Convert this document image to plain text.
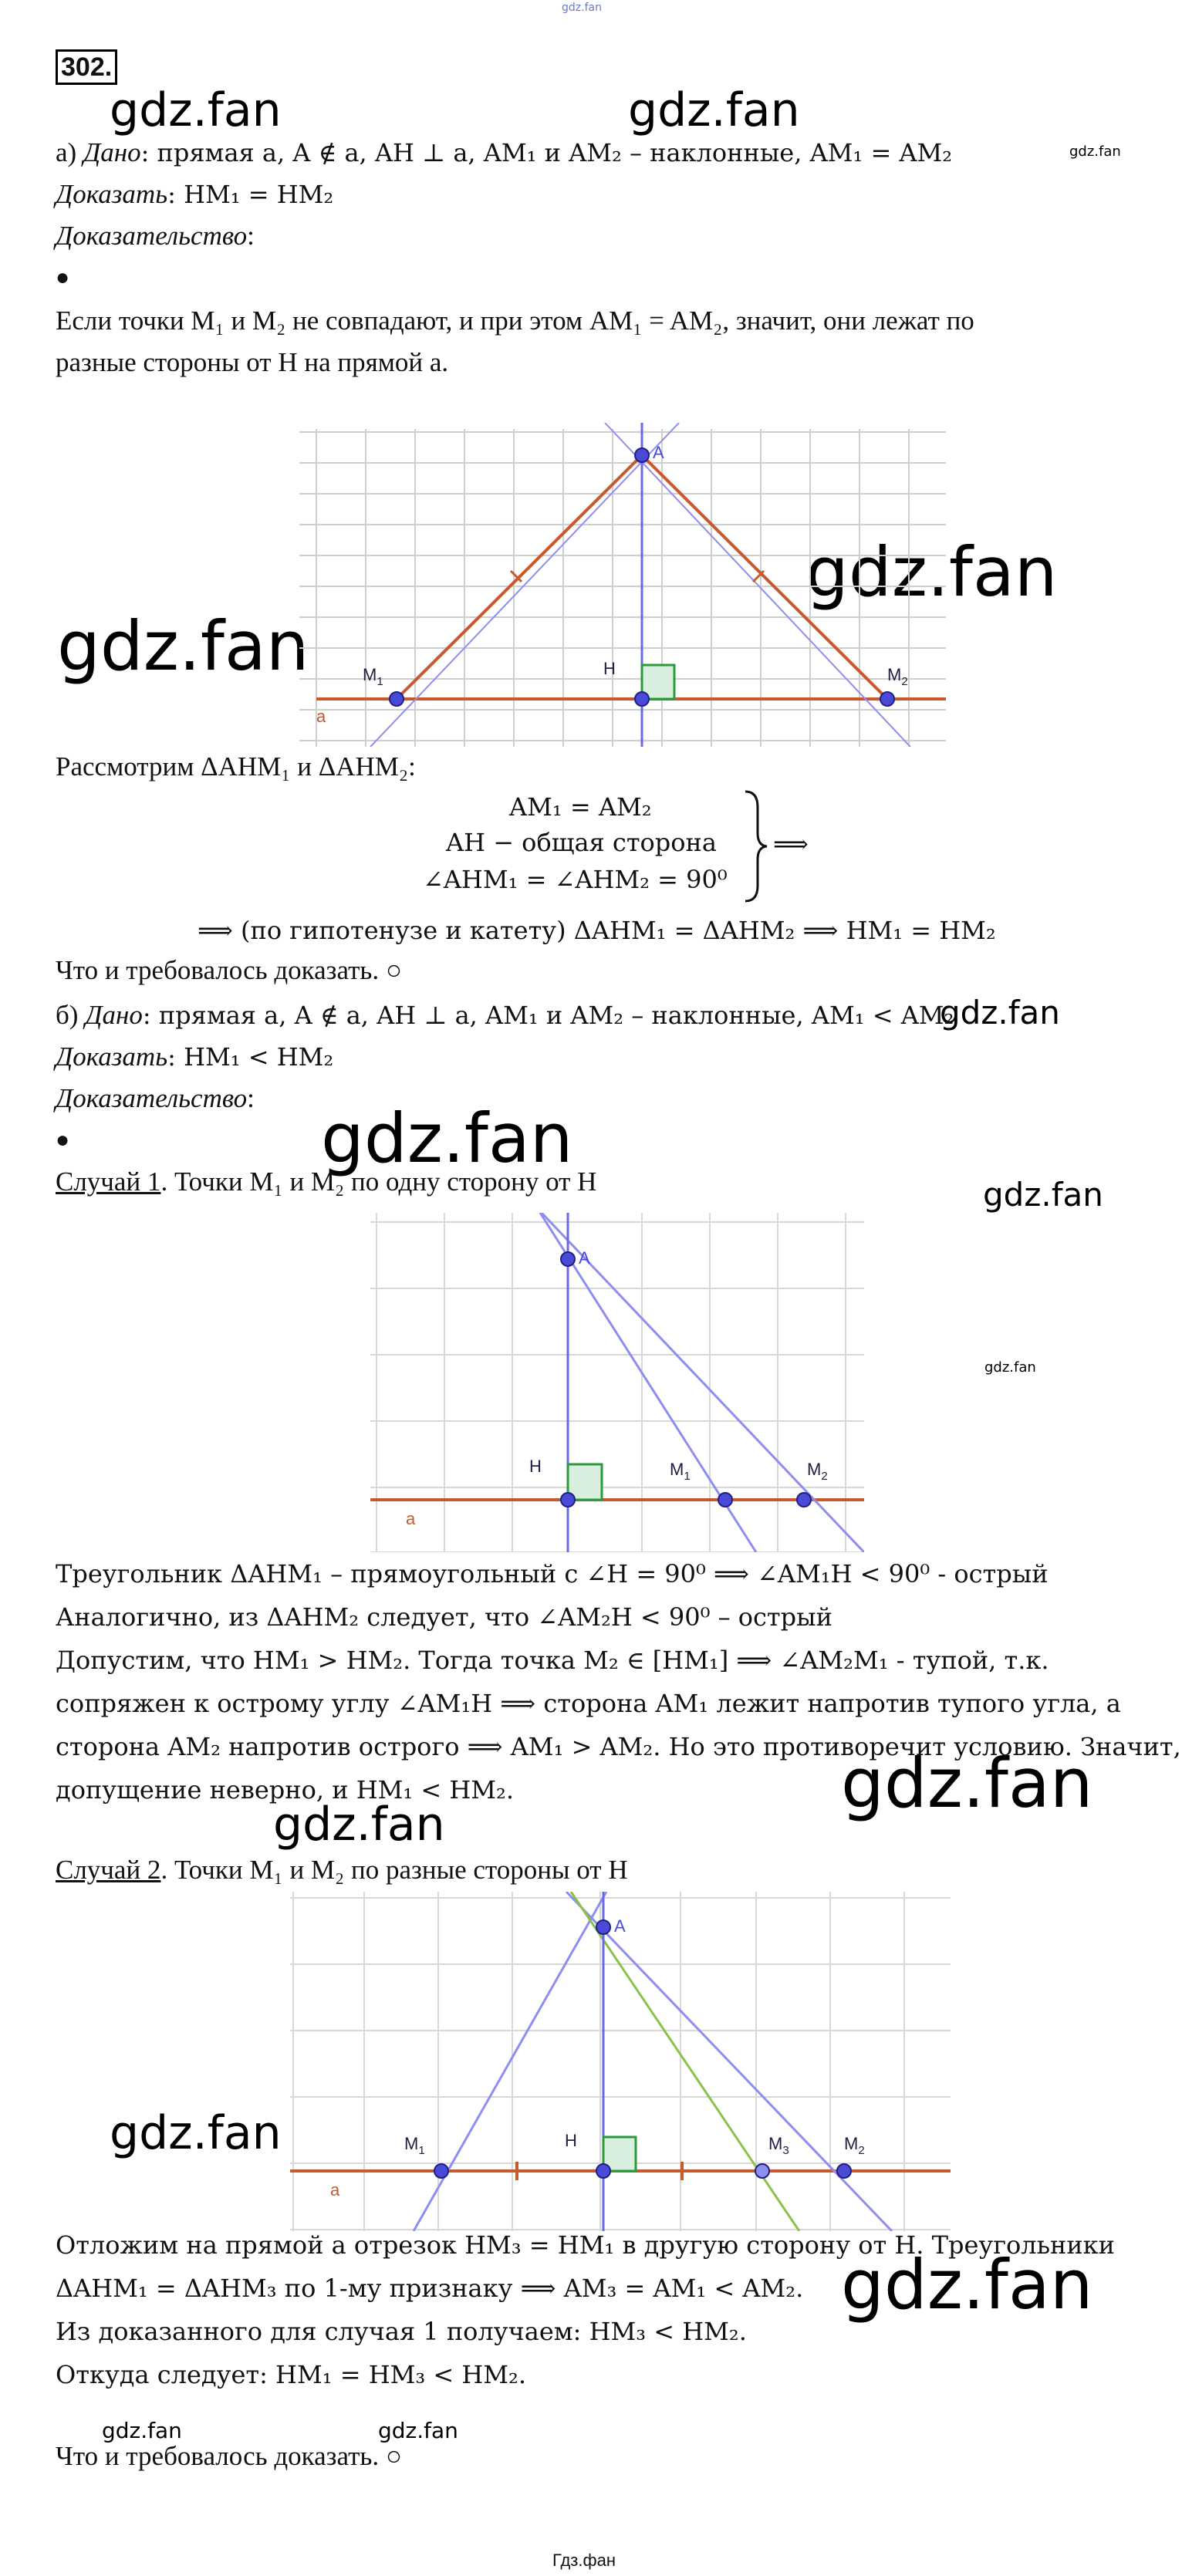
gdz.fan
302.
gdz.fan	gdz.fan
gdz.fan
gdz.fan
gdz.fan
gdz.fan
gdz.fan
gdz.fan
gdz.fan
gdz.fan
gdz.fan
gdz.fan
gdz.fan
gdz.fan	gdz.fan
а) Дано: прямая a, A ∉ a, AH ⊥ a, AM₁ и AM₂ – наклонные, AM₁ = AM₂
Доказать: HM₁ = HM₂
Доказательство:
●
Если точки M₁ и M₂ не совпадают, и при этом AM₁ = AM₂, значит, они лежат по
разные стороны от H на прямой a.
A
H
$M_1$	$M_2$
a
Рассмотрим ΔAHM₁ и ΔAHM₂:
AM₁ = AM₂
AH − общая сторона
∠AHM₁ = ∠AHM₂ = 90⁰
⟹
⟹ (по гипотенузе и катету) ΔAHM₁ = ΔAHM₂ ⟹ HM₁ = HM₂
Что и требовалось доказать. ○
б) Дано: прямая a, A ∉ a, AH ⊥ a, AM₁ и AM₂ – наклонные, AM₁ < AM₂
Доказать: HM₁ < HM₂
Доказательство:
●
Случай 1. Точки M₁ и M₂ по одну сторону от H
A
H	$M_1$	$M_2$
a
Треугольник ΔAHM₁ – прямоугольный с ∠H = 90⁰ ⟹ ∠AM₁H < 90⁰ - острый
Аналогично, из ΔAHM₂ следует, что ∠AM₂H < 90⁰ – острый
Допустим, что HM₁ > HM₂. Тогда точка M₂ ∈ [HM₁] ⟹ ∠AM₂M₁ - тупой, т.к.
сопряжен к острому углу ∠AM₁H ⟹ сторона AM₁ лежит напротив тупого угла, а
сторона AM₂ напротив острого ⟹ AM₁ > AM₂. Но это противоречит условию. Значит,
допущение неверно, и HM₁ < HM₂.
Случай 2. Точки M₁ и M₂ по разные стороны от H
A
H
$M_1$	$M_3$	$M_2$
a
Отложим на прямой a отрезок HM₃ = HM₁ в другую сторону от H. Треугольники
ΔAHM₁ = ΔAHM₃ по 1-му признаку ⟹ AM₃ = AM₁ < AM₂.
Из доказанного для случая 1 получаем: HM₃ < HM₂.
Откуда следует: HM₁ = HM₃ < HM₂.
Что и требовалось доказать. ○
Гдз.фан
